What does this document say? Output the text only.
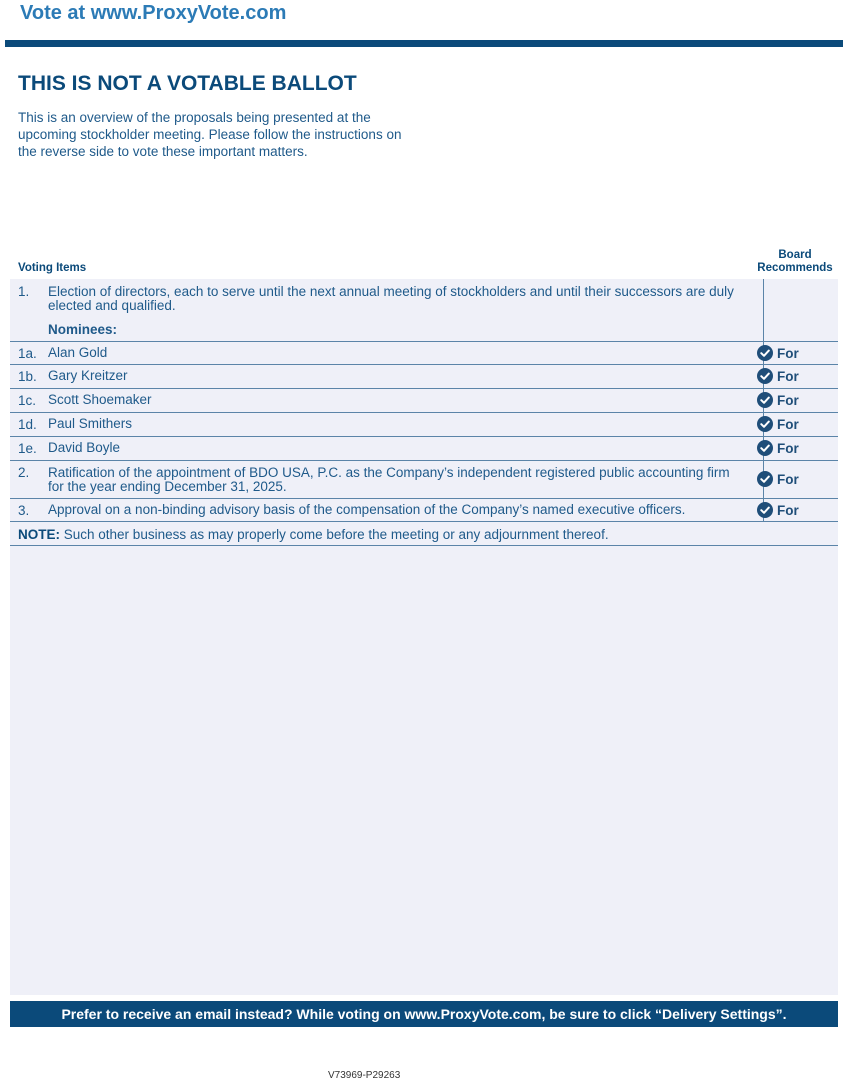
Vote at www.ProxyVote.com
THIS IS NOT A VOTABLE BALLOT
This is an overview of the proposals being presented at the upcoming stockholder meeting. Please follow the instructions on the reverse side to vote these important matters.
Voting Items
Board
Recommends
1. Election of directors, each to serve until the next annual meeting of stockholders and until their successors are duly elected and qualified.
Nominees:
1a. Alan Gold	For
1b. Gary Kreitzer	For
1c. Scott Shoemaker	For
1d. Paul Smithers	For
1e. David Boyle	For
2. Ratification of the appointment of BDO USA, P.C. as the Company’s independent registered public accounting firm for the year ending December 31, 2025.	For
3. Approval on a non-binding advisory basis of the compensation of the Company’s named executive officers.	For
NOTE: Such other business as may properly come before the meeting or any adjournment thereof.
Prefer to receive an email instead? While voting on www.ProxyVote.com, be sure to click “Delivery Settings”.
V73969-P29263
